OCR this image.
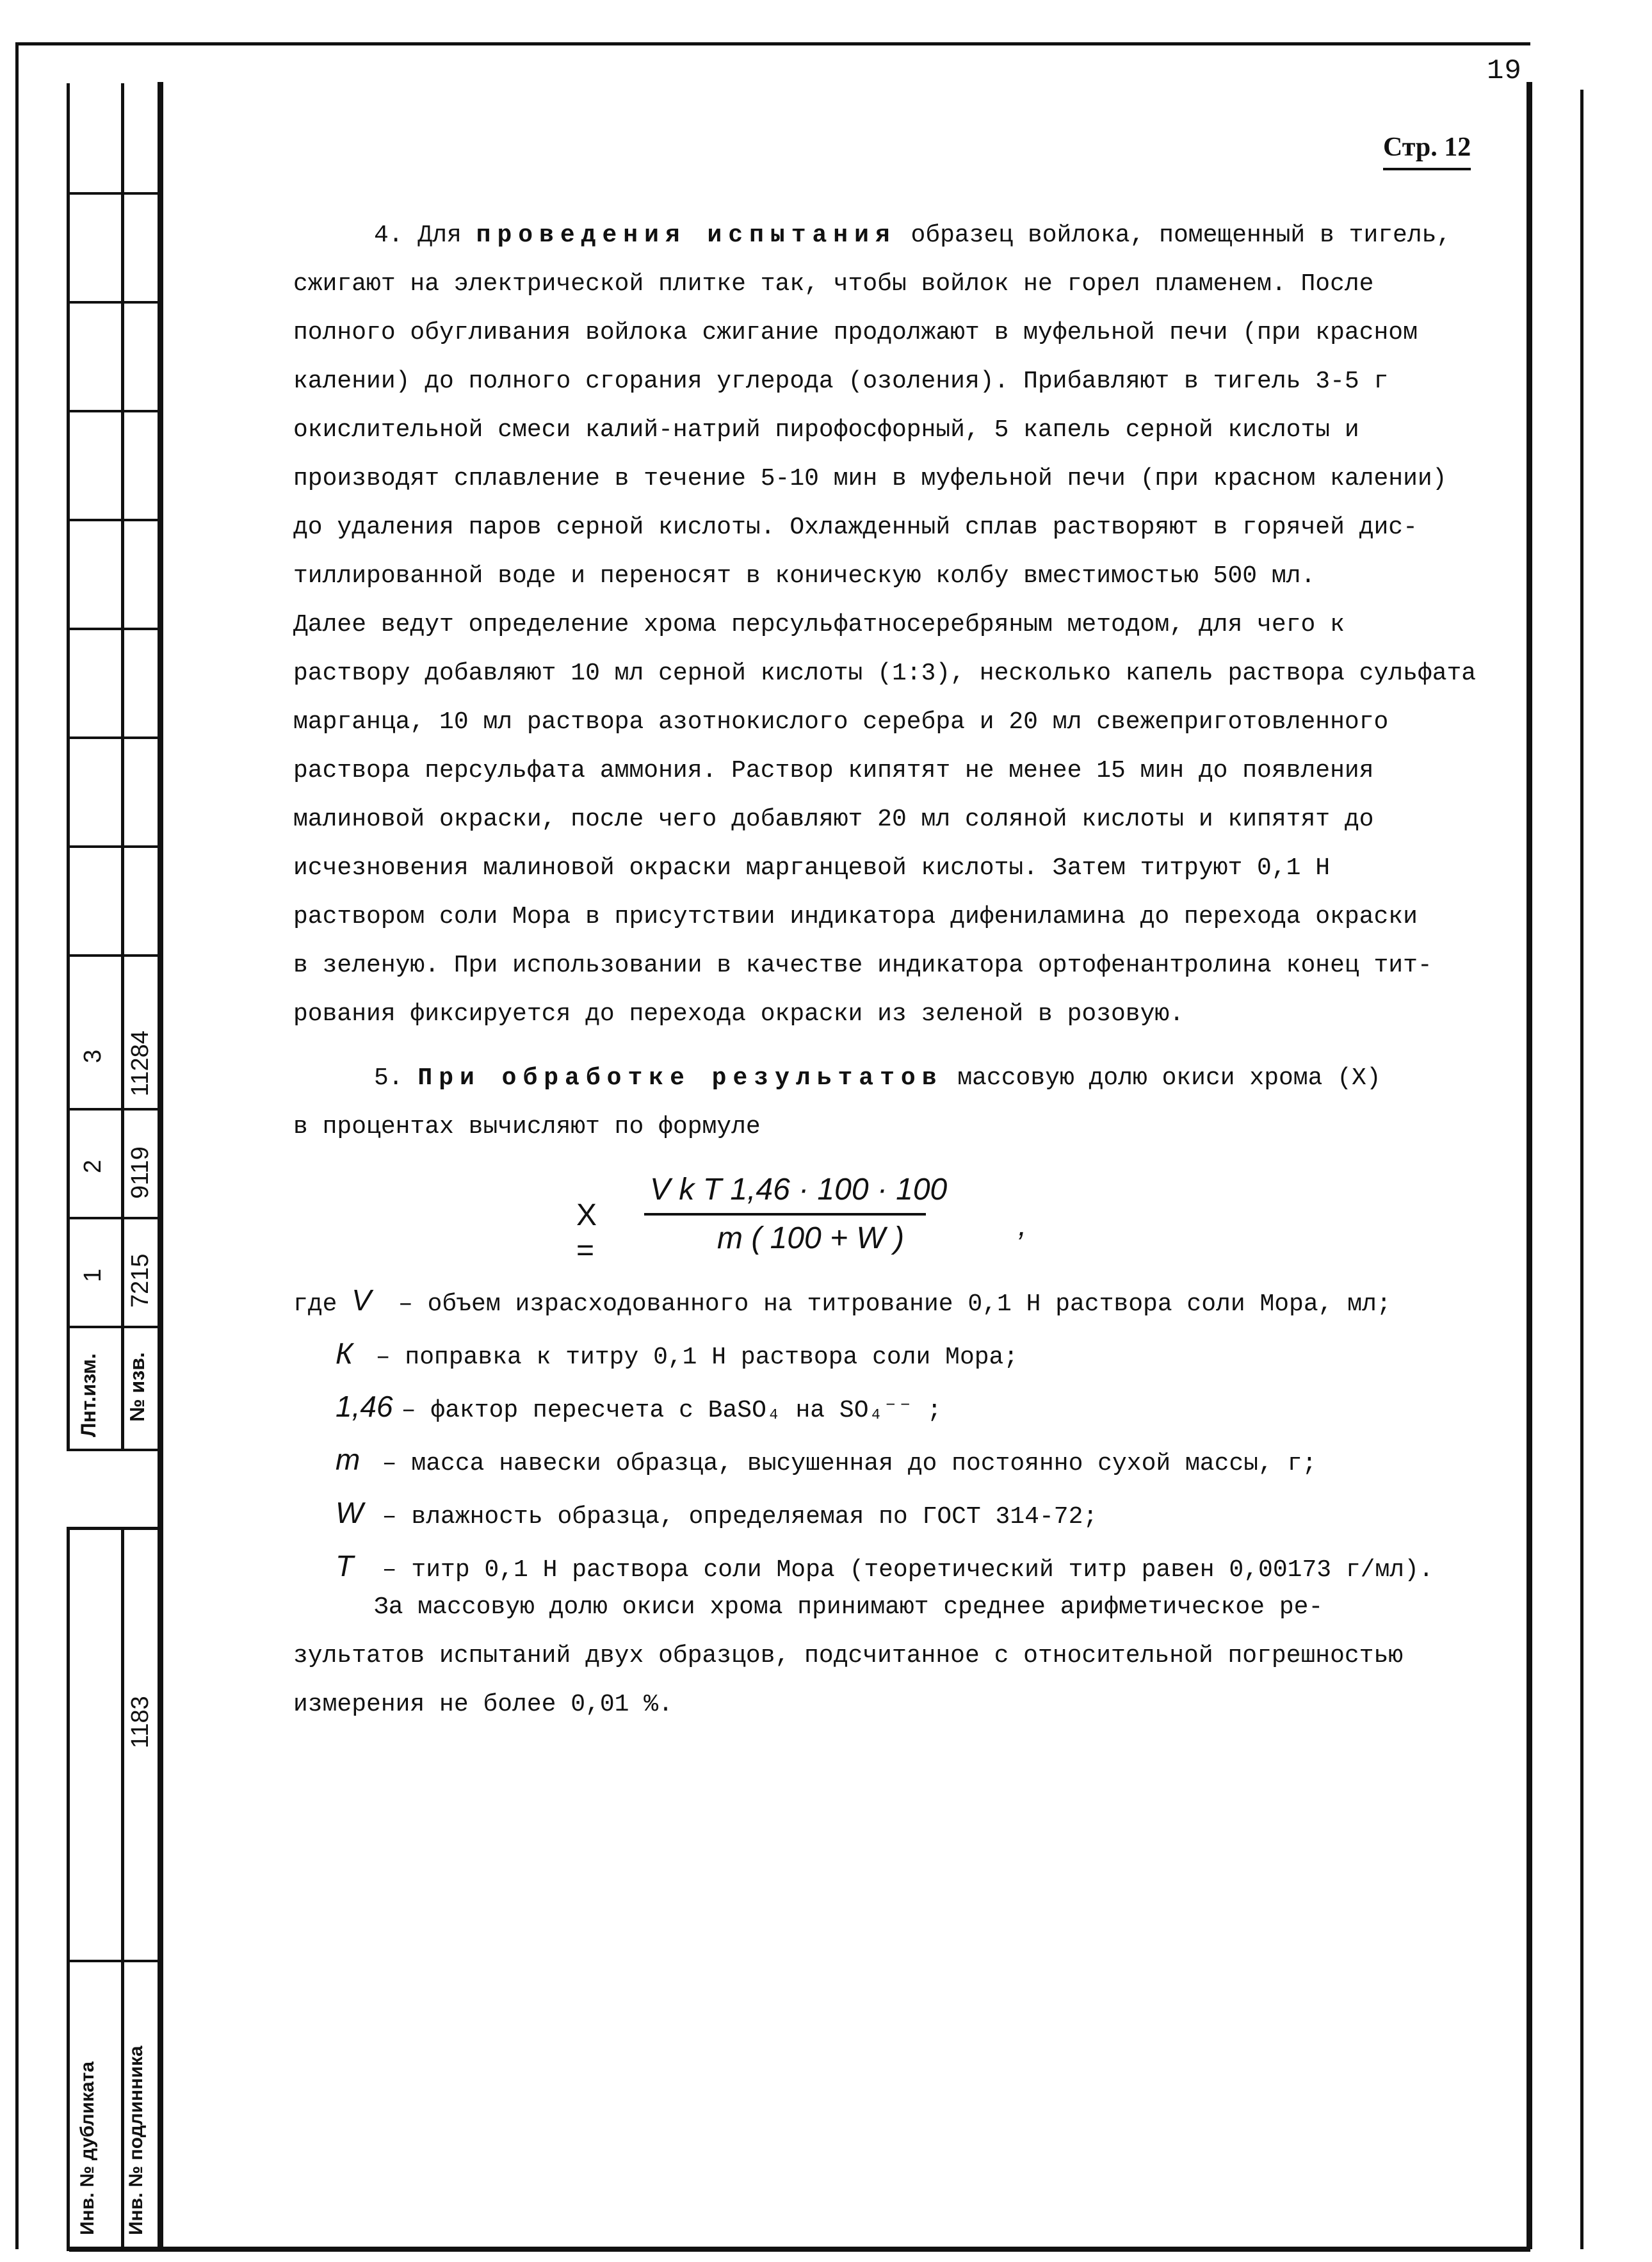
19
Стр. 12
3 11284
2 9119
1 7215
Лнт.изм. № изв.
1183
Инв. № дубликата Инв. № подлинника
4. Для проведения испытания образец войлока, помещенный в тигель,
сжигают на электрической плитке так, чтобы войлок не горел пламенем. После
полного обугливания войлока сжигание продолжают в муфельной печи (при красном
калении) до полного сгорания углерода (озоления). Прибавляют в тигель 3-5 г
окислительной смеси калий-натрий пирофосфорный, 5 капель серной кислоты и
производят сплавление в течение 5-10 мин в муфельной печи (при красном калении)
до удаления паров серной кислоты. Охлажденный сплав растворяют в горячей дис-
тиллированной воде и переносят в коническую колбу вместимостью 500 мл.
Далее ведут определение хрома персульфатносеребряным методом, для чего к
раствору добавляют 10 мл серной кислоты (1:3), несколько капель раствора сульфата
марганца, 10 мл раствора азотнокислого серебра и 20 мл свежеприготовленного
раствора персульфата аммония. Раствор кипятят не менее 15 мин до появления
малиновой окраски, после чего добавляют 20 мл соляной кислоты и кипятят до
исчезновения малиновой окраски марганцевой кислоты. Затем титруют 0,1 Н
раствором соли Мора в присутствии индикатора дифениламина до перехода окраски
в зеленую. При использовании в качестве индикатора ортофенантролина конец тит-
рования фиксируется до перехода окраски из зеленой в розовую.
5. При обработке результатов массовую долю окиси хрома (Х)
в процентах вычисляют по формуле
X =
V k T 1,46 · 100 · 100
m ( 100 + W )	,
где V – объем израсходованного на титрование 0,1 Н раствора соли Мора, мл;
К – поправка к титру 0,1 Н раствора соли Мора;
1,46 – фактор пересчета с BaSO₄ на SO₄⁻⁻ ;
m – масса навески образца, высушенная до постоянно сухой массы, г;
W – влажность образца, определяемая по ГОСТ 314-72;
T – титр 0,1 Н раствора соли Мора (теоретический титр равен 0,00173 г/мл).
За массовую долю окиси хрома принимают среднее арифметическое ре-
зультатов испытаний двух образцов, подсчитанное с относительной погрешностью
измерения не более 0,01 %.
